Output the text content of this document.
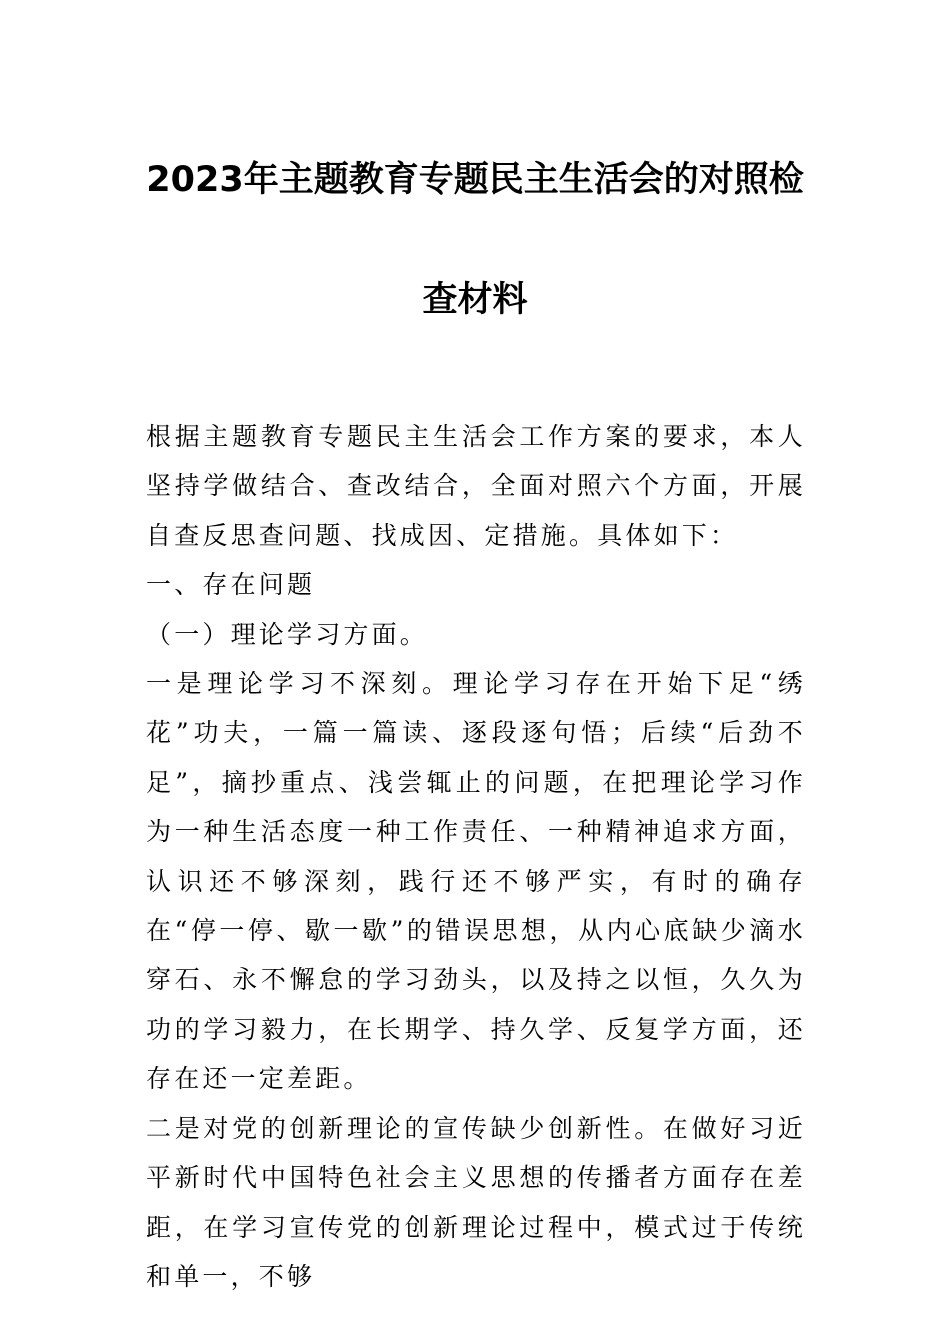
2023年主题教育专题民主生活会的对照检
查材料

根据主题教育专题民主生活会工作方案的要求，本人坚持学做结合、查改结合，全面对照六个方面，开展自查反思查问题、找成因、定措施。具体如下：

一、存在问题

（一）理论学习方面。

一是理论学习不深刻。理论学习存在开始下足“绣花”功夫，一篇一篇读、逐段逐句悟；后续“后劲不足”，摘抄重点、浅尝辄止的问题，在把理论学习作为一种生活态度一种工作责任、一种精神追求方面，认识还不够深刻，践行还不够严实，有时的确存在“停一停、歇一歇”的错误思想，从内心底缺少滴水穿石、永不懈怠的学习劲头，以及持之以恒，久久为功的学习毅力，在长期学、持久学、反复学方面，还存在还一定差距。

二是对党的创新理论的宣传缺少创新性。在做好习近平新时代中国特色社会主义思想的传播者方面存在差距，在学习宣传党的创新理论过程中，模式过于传统和单一，不够
